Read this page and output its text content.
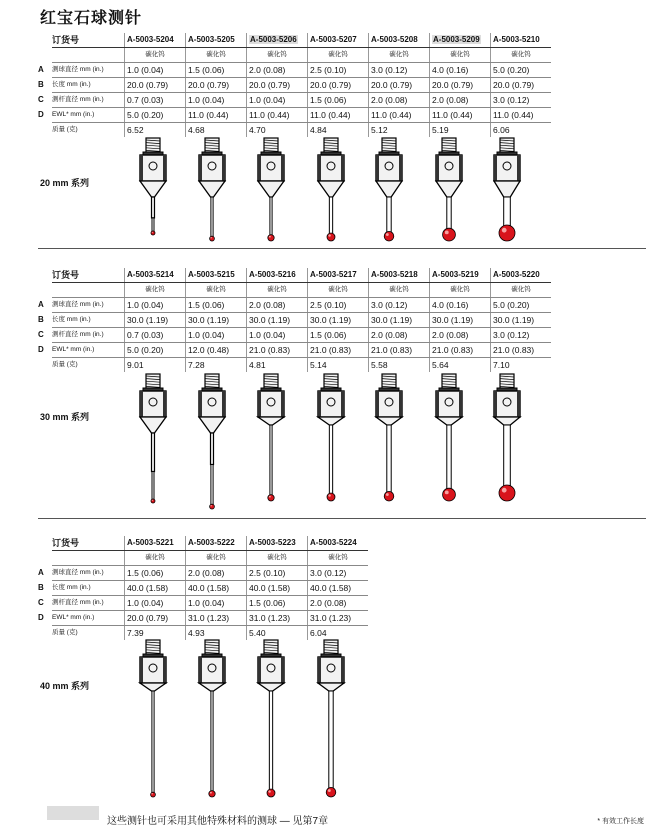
红宝石球测针
	订货号	A-5003-5204	A-5003-5205	A-5003-5206	A-5003-5207	A-5003-5208	A-5003-5209	A-5003-5210
		碳化钨	碳化钨	碳化钨	碳化钨	碳化钨	碳化钨	碳化钨
A	测球直径 mm (in.)	1.0 (0.04)	1.5 (0.06)	2.0 (0.08)	2.5 (0.10)	3.0 (0.12)	4.0 (0.16)	5.0 (0.20)
B	长度 mm (in.)	20.0 (0.79)	20.0 (0.79)	20.0 (0.79)	20.0 (0.79)	20.0 (0.79)	20.0 (0.79)	20.0 (0.79)
C	测杆直径 mm (in.)	0.7 (0.03)	1.0 (0.04)	1.0 (0.04)	1.5 (0.06)	2.0 (0.08)	2.0 (0.08)	3.0 (0.12)
D	EWL* mm (in.)	5.0 (0.20)	11.0 (0.44)	11.0 (0.44)	11.0 (0.44)	11.0 (0.44)	11.0 (0.44)	11.0 (0.44)
	质量 (克)	6.52	4.68	4.70	4.84	5.12	5.19	6.06
20 mm 系列
	订货号	A-5003-5214	A-5003-5215	A-5003-5216	A-5003-5217	A-5003-5218	A-5003-5219	A-5003-5220
		碳化钨	碳化钨	碳化钨	碳化钨	碳化钨	碳化钨	碳化钨
A	测球直径 mm (in.)	1.0 (0.04)	1.5 (0.06)	2.0 (0.08)	2.5 (0.10)	3.0 (0.12)	4.0 (0.16)	5.0 (0.20)
B	长度 mm (in.)	30.0 (1.19)	30.0 (1.19)	30.0 (1.19)	30.0 (1.19)	30.0 (1.19)	30.0 (1.19)	30.0 (1.19)
C	测杆直径 mm (in.)	0.7 (0.03)	1.0 (0.04)	1.0 (0.04)	1.5 (0.06)	2.0 (0.08)	2.0 (0.08)	3.0 (0.12)
D	EWL* mm (in.)	5.0 (0.20)	12.0 (0.48)	21.0 (0.83)	21.0 (0.83)	21.0 (0.83)	21.0 (0.83)	21.0 (0.83)
	质量 (克)	9.01	7.28	4.81	5.14	5.58	5.64	7.10
30 mm 系列
	订货号	A-5003-5221	A-5003-5222	A-5003-5223	A-5003-5224
		碳化钨	碳化钨	碳化钨	碳化钨
A	测球直径 mm (in.)	1.5 (0.06)	2.0 (0.08)	2.5 (0.10)	3.0 (0.12)
B	长度 mm (in.)	40.0 (1.58)	40.0 (1.58)	40.0 (1.58)	40.0 (1.58)
C	测杆直径 mm (in.)	1.0 (0.04)	1.0 (0.04)	1.5 (0.06)	2.0 (0.08)
D	EWL* mm (in.)	20.0 (0.79)	31.0 (1.23)	31.0 (1.23)	31.0 (1.23)
	质量 (克)	7.39	4.93	5.40	6.04
40 mm 系列
这些测针也可采用其他特殊材料的测球 — 见第7章	* 有效工作长度
